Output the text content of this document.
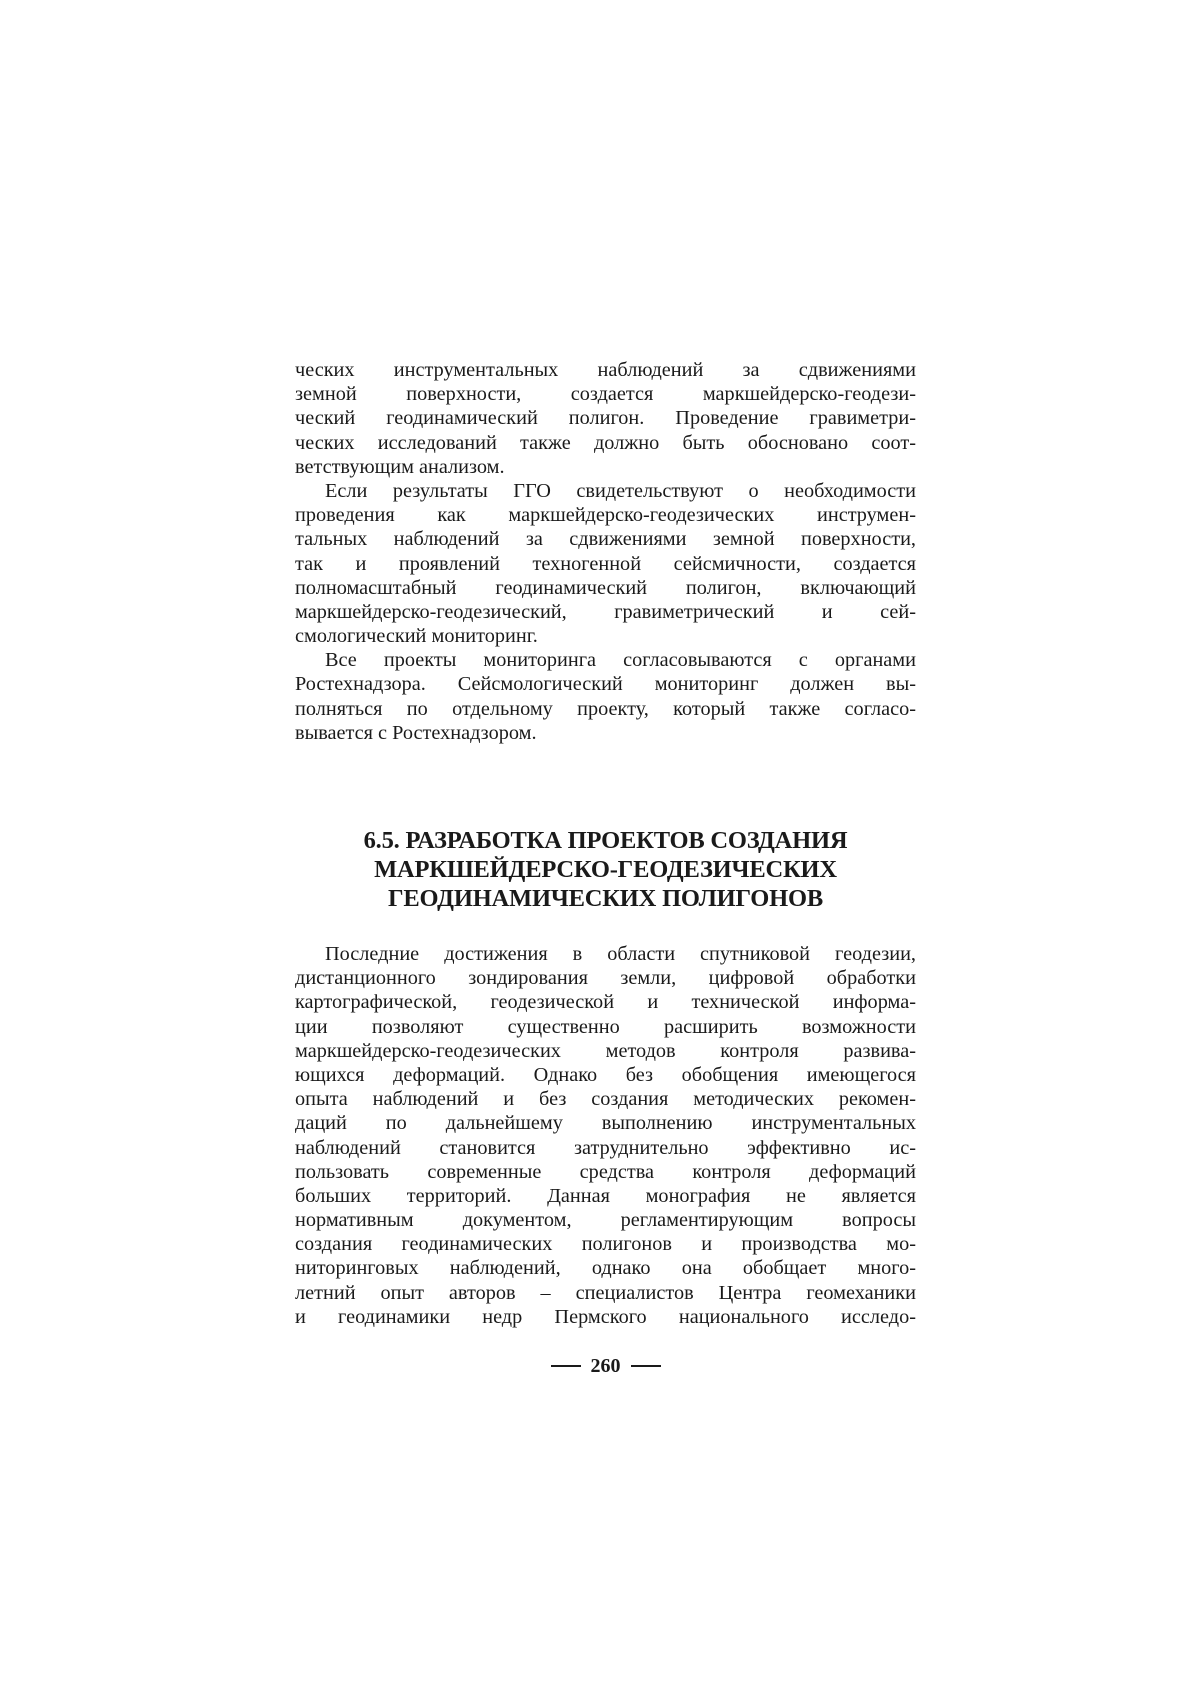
ческих инструментальных наблюдений за сдвижениями
земной поверхности, создается маркшейдерско-геодези-
ческий геодинамический полигон. Проведение гравиметри-
ческих исследований также должно быть обосновано соот-
ветствующим анализом.

Если результаты ГГО свидетельствуют о необходимости
проведения как маркшейдерско-геодезических инструмен-
тальных наблюдений за сдвижениями земной поверхности,
так и проявлений техногенной сейсмичности, создается
полномасштабный геодинамический полигон, включающий
маркшейдерско-геодезический, гравиметрический и сей-
смологический мониторинг.

Все проекты мониторинга согласовываются с органами
Ростехнадзора. Сейсмологический мониторинг должен вы-
полняться по отдельному проекту, который также согласо-
вывается с Ростехнадзором.

6.5. РАЗРАБОТКА ПРОЕКТОВ СОЗДАНИЯ
МАРКШЕЙДЕРСКО-ГЕОДЕЗИЧЕСКИХ
ГЕОДИНАМИЧЕСКИХ ПОЛИГОНОВ

Последние достижения в области спутниковой геодезии,
дистанционного зондирования земли, цифровой обработки
картографической, геодезической и технической информа-
ции позволяют существенно расширить возможности
маркшейдерско-геодезических методов контроля развива-
ющихся деформаций. Однако без обобщения имеющегося
опыта наблюдений и без создания методических рекомен-
даций по дальнейшему выполнению инструментальных
наблюдений становится затруднительно эффективно ис-
пользовать современные средства контроля деформаций
больших территорий. Данная монография не является
нормативным документом, регламентирующим вопросы
создания геодинамических полигонов и производства мо-
ниторинговых наблюдений, однако она обобщает много-
летний опыт авторов – специалистов Центра геомеханики
и геодинамики недр Пермского национального исследо-

260
